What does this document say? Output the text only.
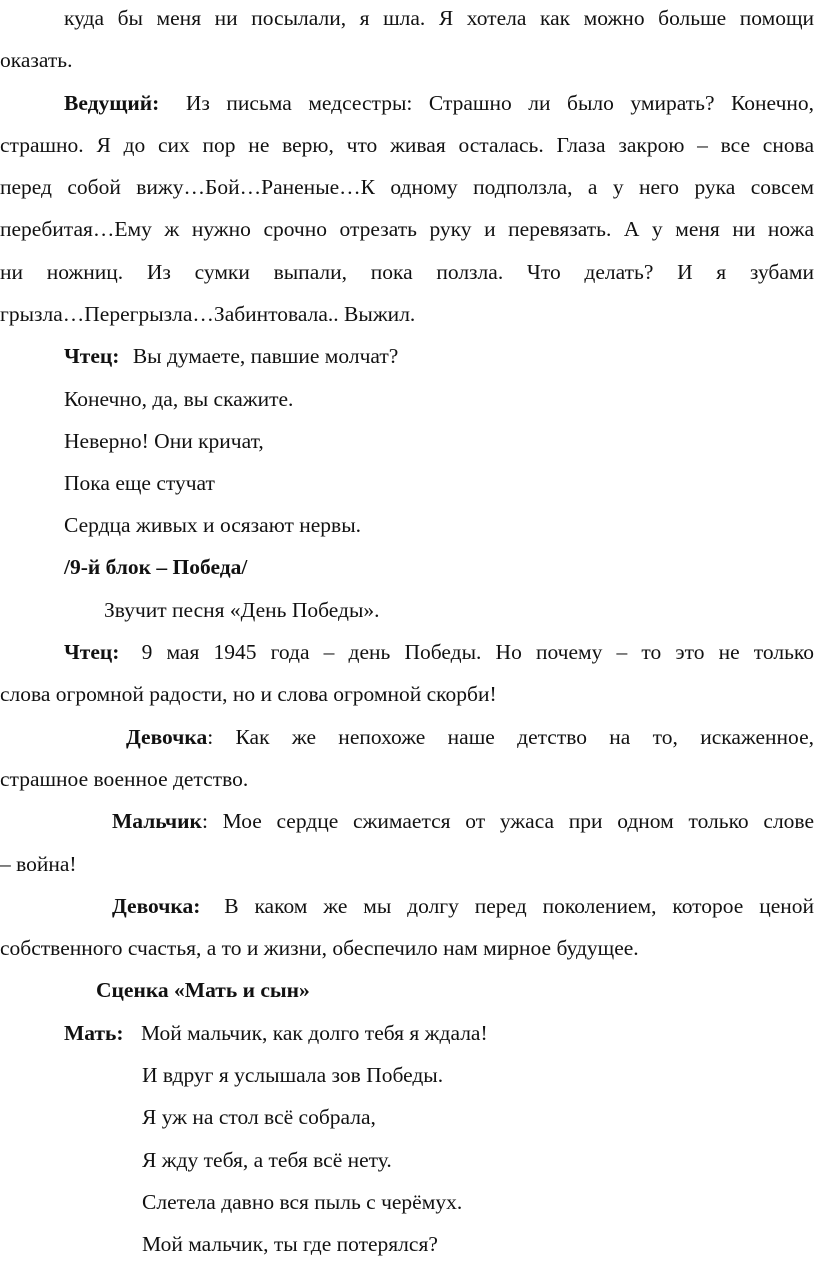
куда бы меня ни посылали, я шла. Я хотела как можно больше помощи
оказать.
Ведущий: Из письма медсестры: Страшно ли было умирать? Конечно,
страшно. Я до сих пор не верю, что живая осталась. Глаза закрою – все снова
перед собой вижу…Бой…Раненые…К одному подползла, а у него рука совсем
перебитая…Ему ж нужно срочно отрезать руку и перевязать. А у меня ни ножа
ни ножниц. Из сумки выпали, пока ползла. Что делать? И я зубами
грызла…Перегрызла…Забинтовала.. Выжил.
Чтец: Вы думаете, павшие молчат?
Конечно, да, вы скажите.
Неверно! Они кричат,
Пока еще стучат
Сердца живых и осязают нервы.
/9-й блок – Победа/
Звучит песня «День Победы».
Чтец: 9 мая 1945 года – день Победы. Но почему – то это не только
слова огромной радости, но и слова огромной скорби!
Девочка: Как же непохоже наше детство на то, искаженное,
страшное военное детство.
Мальчик: Мое сердце сжимается от ужаса при одном только слове
– война!
Девочка: В каком же мы долгу перед поколением, которое ценой
собственного счастья, а то и жизни, обеспечило нам мирное будущее.
Сценка «Мать и сын»
Мать: Мой мальчик, как долго тебя я ждала!
И вдруг я услышала зов Победы.
Я уж на стол всё собрала,
Я жду тебя, а тебя всё нету.
Слетела давно вся пыль с черёмух.
Мой мальчик, ты где потерялся?
